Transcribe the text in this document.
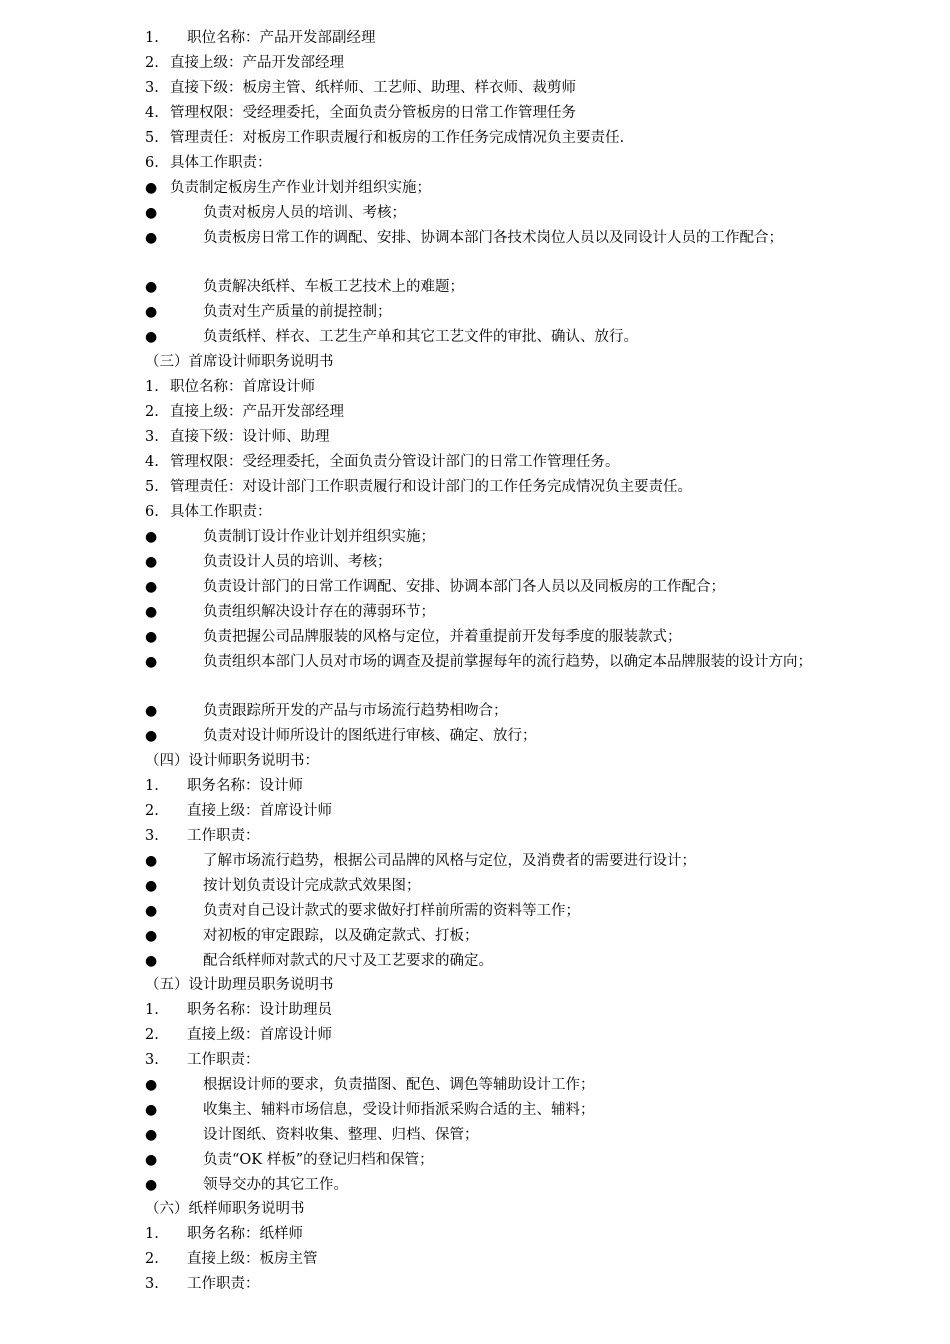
1. 职位名称：产品开发部副经理
2. 直接上级：产品开发部经理
3. 直接下级：板房主管、纸样师、工艺师、助理、样衣师、裁剪师
4. 管理权限：受经理委托，全面负责分管板房的日常工作管理任务
5. 管理责任：对板房工作职责履行和板房的工作任务完成情况负主要责任.
6. 具体工作职责：
● 负责制定板房生产作业计划并组织实施；
●	负责对板房人员的培训、考核；
●	负责板房日常工作的调配、安排、协调本部门各技术岗位人员以及同设计人员的工作配合；
●	负责解决纸样、车板工艺技术上的难题；
●	负责对生产质量的前提控制；
●	负责纸样、样衣、工艺生产单和其它工艺文件的审批、确认、放行。
（三）首席设计师职务说明书
1. 职位名称：首席设计师
2. 直接上级：产品开发部经理
3. 直接下级：设计师、助理
4. 管理权限：受经理委托，全面负责分管设计部门的日常工作管理任务。
5. 管理责任：对设计部门工作职责履行和设计部门的工作任务完成情况负主要责任。
6. 具体工作职责：
●	负责制订设计作业计划并组织实施；
●	负责设计人员的培训、考核；
●	负责设计部门的日常工作调配、安排、协调本部门各人员以及同板房的工作配合；
●	负责组织解决设计存在的薄弱环节；
●	负责把握公司品牌服装的风格与定位，并着重提前开发每季度的服装款式；
●	负责组织本部门人员对市场的调查及提前掌握每年的流行趋势，以确定本品牌服装的设计方向；
●	负责跟踪所开发的产品与市场流行趋势相吻合；
●	负责对设计师所设计的图纸进行审核、确定、放行；
（四）设计师职务说明书：
1. 职务名称：设计师
2. 直接上级：首席设计师
3. 工作职责：
●	了解市场流行趋势，根据公司品牌的风格与定位，及消费者的需要进行设计；
●	按计划负责设计完成款式效果图；
●	负责对自己设计款式的要求做好打样前所需的资料等工作；
●	对初板的审定跟踪，以及确定款式、打板；
●	配合纸样师对款式的尺寸及工艺要求的确定。
（五）设计助理员职务说明书
1. 职务名称：设计助理员
2. 直接上级：首席设计师
3. 工作职责：
●	根据设计师的要求，负责描图、配色、调色等辅助设计工作；
●	收集主、辅料市场信息，受设计师指派采购合适的主、辅料；
●	设计图纸、资料收集、整理、归档、保管；
●	负责“OK 样板”的登记归档和保管；
●	领导交办的其它工作。
（六）纸样师职务说明书
1. 职务名称：纸样师
2. 直接上级：板房主管
3. 工作职责：
